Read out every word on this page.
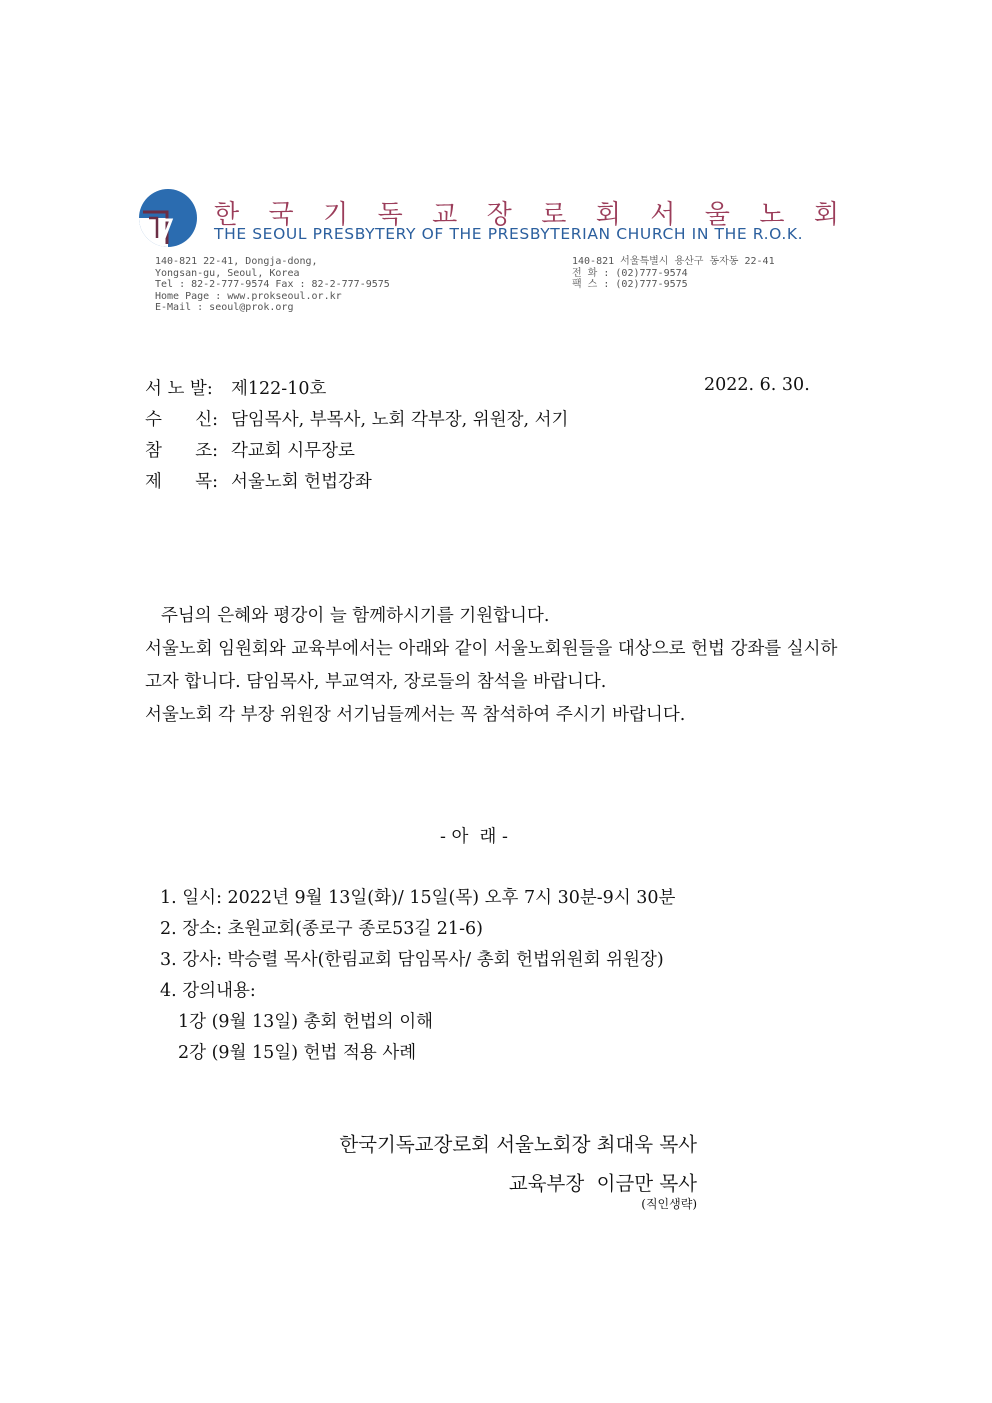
한 국 기 독 교 장 로 회 서 울 노 회
THE SEOUL PRESBYTERY OF THE PRESBYTERIAN CHURCH IN THE R.O.K.
140-821 22-41, Dongja-dong,
Yongsan-gu, Seoul, Korea
Tel : 82-2-777-9574 Fax : 82-2-777-9575
Home Page : www.prokseoul.or.kr
E-Mail : seoul@prok.org
140-821 서울특별시 용산구 동자동 22-41
전 화 : (02)777-9574
팩 스 : (02)777-9575
서 노 발: 제122-10호	2022. 6. 30.
수      신: 담임목사, 부목사, 노회 각부장, 위원장, 서기
참      조: 각교회 시무장로
제      목: 서울노회 헌법강좌
주님의 은혜와 평강이 늘 함께하시기를 기원합니다.
서울노회 임원회와 교육부에서는 아래와 같이 서울노회원들을 대상으로 헌법 강좌를 실시하
고자 합니다. 담임목사, 부교역자, 장로들의 참석을 바랍니다.
서울노회 각 부장 위원장 서기님들께서는 꼭 참석하여 주시기 바랍니다.
- 아  래 -
1. 일시: 2022년 9월 13일(화)/ 15일(목) 오후 7시 30분-9시 30분
2. 장소: 초원교회(종로구 종로53길 21-6)
3. 강사: 박승렬 목사(한림교회 담임목사/ 총회 헌법위원회 위원장)
4. 강의내용:
1강 (9월 13일) 총회 헌법의 이해
2강 (9월 15일) 헌법 적용 사례
한국기독교장로회 서울노회장 최대욱 목사
교육부장  이금만 목사
(직인생략)
